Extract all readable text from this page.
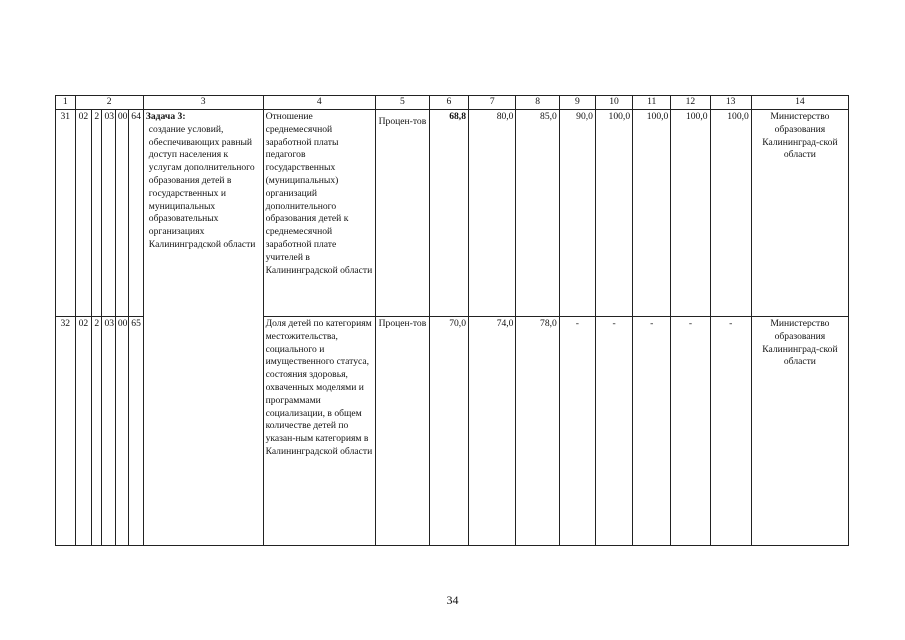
1	2					3	4	5	6	7	8	9	10	11	12	13	14
31	02	2	03	00	64	Задача 3:
создание условий, обеспечивающих равный доступ населения к услугам дополнительного образования детей в государственных и муниципальных образовательных организациях Калининградской области	Отношение среднемесячной заработной платы педагогов государственных (муниципальных) организаций дополнительного образования детей к среднемесячной заработной плате учителей в Калининградской области	Процен-тов	68,8	80,0	85,0	90,0	100,0	100,0	100,0	100,0	Министерство образования Калининград-ской области
32	02	2	03	00	65		Доля детей по категориям местожительства, социального и имущественного статуса, состояния здоровья, охваченных моделями и программами социализации, в общем количестве детей по указан-ным категориям в Калининградской области	Процен-тов	70,0	74,0	78,0	-	-	-	-	-	Министерство образования Калининград-ской области
34
